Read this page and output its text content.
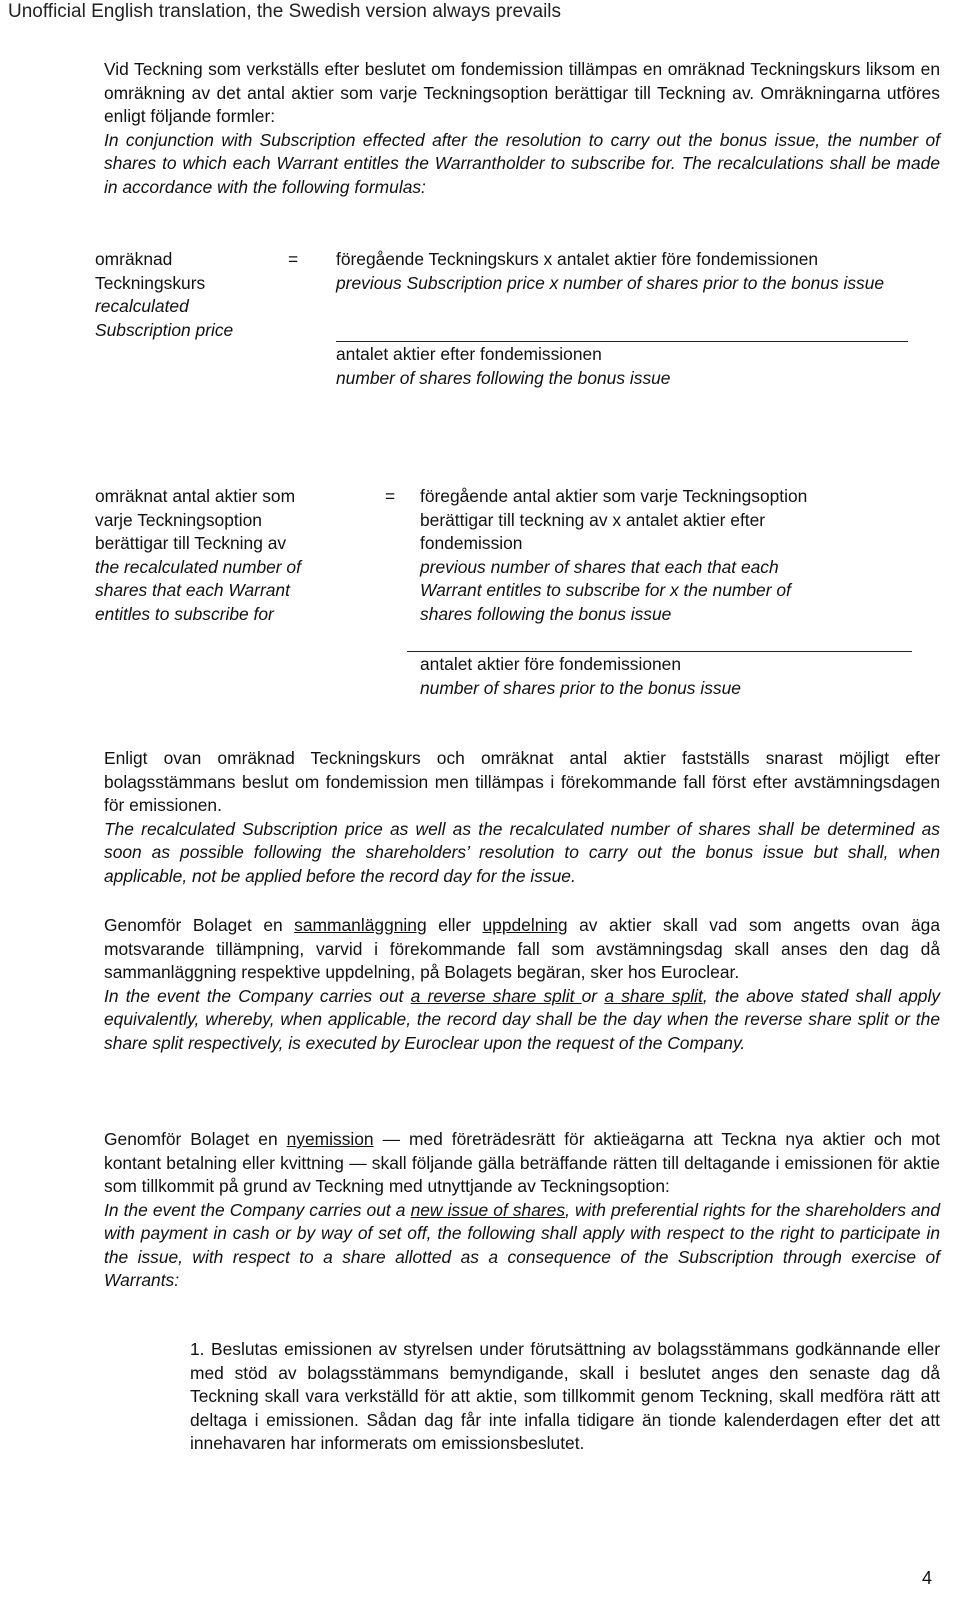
Unofficial English translation, the Swedish version always prevails

Vid Teckning som verkställs efter beslutet om fondemission tillämpas en omräknad Teckningskurs liksom en omräkning av det antal aktier som varje Teckningsoption berättigar till Teckning av. Omräkningarna utföres enligt följande formler:

In conjunction with Subscription effected after the resolution to carry out the bonus issue, the number of shares to which each Warrant entitles the Warrantholder to subscribe for. The recalculations shall be made in accordance with the following formulas:

omräknad
Teckningskurs
recalculated
Subscription price
= föregående Teckningskurs x antalet aktier före fondemissionen

previous Subscription price x number of shares prior to the bonus issue

antalet aktier efter fondemissionen
number of shares following the bonus issue
omräknat antal aktier som
varje Teckningsoption
berättigar till Teckning av
the recalculated number of
shares that each Warrant
entitles to subscribe for
= föregående antal aktier som varje Teckningsoption
berättigar till teckning av x antalet aktier efter
fondemission
previous number of shares that each that each
Warrant entitles to subscribe for x the number of
shares following the bonus issue
antalet aktier före fondemissionen
number of shares prior to the bonus issue

Enligt ovan omräknad Teckningskurs och omräknat antal aktier fastställs snarast möjligt efter bolagsstämmans beslut om fondemission men tillämpas i förekommande fall först efter avstämningsdagen för emissionen.

The recalculated Subscription price as well as the recalculated number of shares shall be determined as soon as possible following the shareholders’ resolution to carry out the bonus issue but shall, when applicable, not be applied before the record day for the issue.

Genomför Bolaget en sammanläggning eller uppdelning av aktier skall vad som angetts ovan äga motsvarande tillämpning, varvid i förekommande fall som avstämningsdag skall anses den dag då sammanläggning respektive uppdelning, på Bolagets begäran, sker hos Euroclear.

In the event the Company carries out a reverse share split or a share split, the above stated shall apply equivalently, whereby, when applicable, the record day shall be the day when the reverse share split or the share split respectively, is executed by Euroclear upon the request of the Company.

Genomför Bolaget en nyemission — med företrädesrätt för aktieägarna att Teckna nya aktier och mot kontant betalning eller kvittning — skall följande gälla beträffande rätten till deltagande i emissionen för aktie som tillkommit på grund av Teckning med utnyttjande av Teckningsoption:

In the event the Company carries out a new issue of shares, with preferential rights for the shareholders and with payment in cash or by way of set off, the following shall apply with respect to the right to participate in the issue, with respect to a share allotted as a consequence of the Subscription through exercise of Warrants:

1. Beslutas emissionen av styrelsen under förutsättning av bolagsstämmans godkännande eller med stöd av bolagsstämmans bemyndigande, skall i beslutet anges den senaste dag då Teckning skall vara verkställd för att aktie, som tillkommit genom Teckning, skall medföra rätt att deltaga i emissionen. Sådan dag får inte infalla tidigare än tionde kalenderdagen efter det att innehavaren har informerats om emissionsbeslutet.

4
